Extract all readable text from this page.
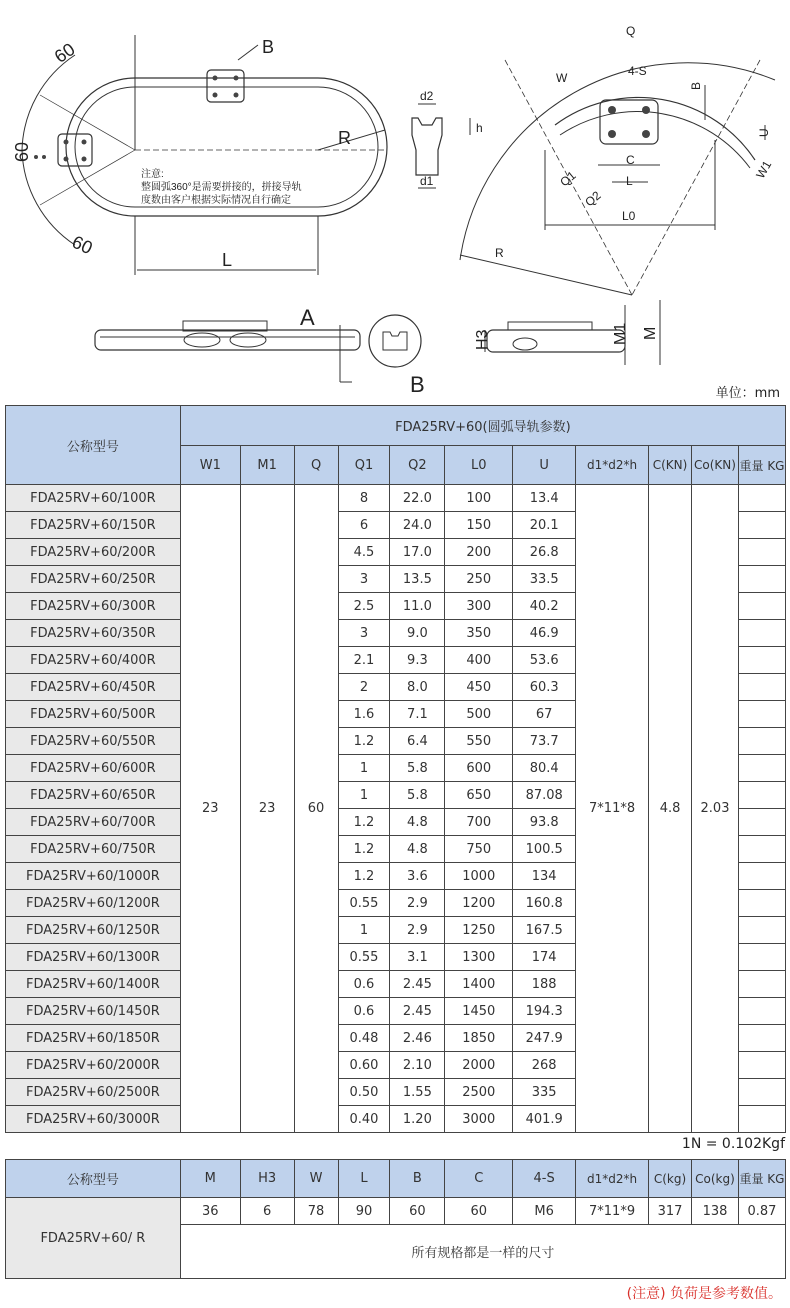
B
60
60
60
R
L
A
B
注意:
整圆弧360°是需要拼接的，拼接导轨
度数由客户根据实际情况自行确定
d2
h
d1
Q
W	4-S
B
U
C
L
Q1
Q2
L0
W1
R
H3	M1 M
单位：mm
公称型号	FDA25RV+60(圆弧导轨参数)										
	W1	M1	Q	Q1	Q2	L0	U	d1*d2*h	C(KN)	Co(KN)	重量 KG
FDA25RV+60/100R	23	23	60	8	22.0	100	13.4	7*11*8	4.8	2.03	
FDA25RV+60/150R				6	24.0	150	20.1				
FDA25RV+60/200R				4.5	17.0	200	26.8				
FDA25RV+60/250R				3	13.5	250	33.5				
FDA25RV+60/300R				2.5	11.0	300	40.2				
FDA25RV+60/350R				3	9.0	350	46.9				
FDA25RV+60/400R				2.1	9.3	400	53.6				
FDA25RV+60/450R				2	8.0	450	60.3				
FDA25RV+60/500R				1.6	7.1	500	67				
FDA25RV+60/550R				1.2	6.4	550	73.7				
FDA25RV+60/600R				1	5.8	600	80.4				
FDA25RV+60/650R				1	5.8	650	87.08				
FDA25RV+60/700R				1.2	4.8	700	93.8				
FDA25RV+60/750R				1.2	4.8	750	100.5				
FDA25RV+60/1000R				1.2	3.6	1000	134				
FDA25RV+60/1200R				0.55	2.9	1200	160.8				
FDA25RV+60/1250R				1	2.9	1250	167.5				
FDA25RV+60/1300R				0.55	3.1	1300	174				
FDA25RV+60/1400R				0.6	2.45	1400	188				
FDA25RV+60/1450R				0.6	2.45	1450	194.3				
FDA25RV+60/1850R				0.48	2.46	1850	247.9				
FDA25RV+60/2000R				0.60	2.10	2000	268				
FDA25RV+60/2500R				0.50	1.55	2500	335				
FDA25RV+60/3000R				0.40	1.20	3000	401.9				
1N = 0.102Kgf
公称型号	M	H3	W	L	B	C	4-S	d1*d2*h	C(kg)	Co(kg)	重量 KG
FDA25RV+60/ R	36	6	78	90	60	60	M6	7*11*9	317	138	0.87
	所有规格都是一样的尺寸										
(注意) 负荷是参考数值。
